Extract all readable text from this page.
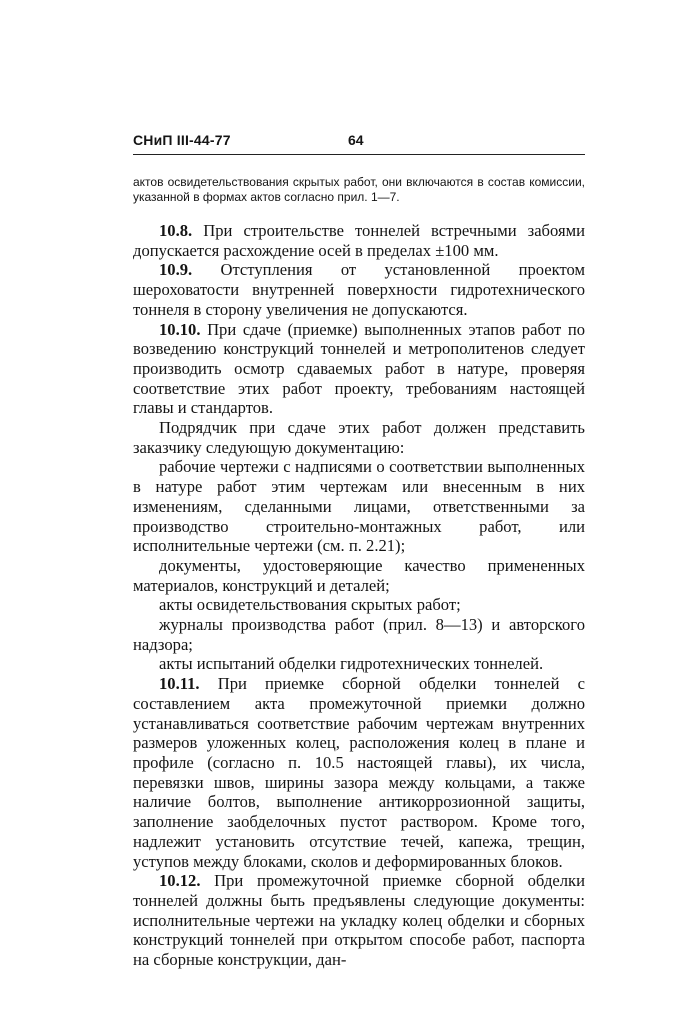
СНиП III-44-77	64
актов освидетельствования скрытых работ, они включаются в состав комиссии, указанной в формах актов согласно прил. 1—7.

10.8. При строительстве тоннелей встречными забоями допускается расхождение осей в пределах ±100 мм.

10.9. Отступления от установленной проектом шероховатости внутренней поверхности гидротехнического тоннеля в сторону увеличения не допускаются.

10.10. При сдаче (приемке) выполненных этапов работ по возведению конструкций тоннелей и метрополитенов следует производить осмотр сдаваемых работ в натуре, проверяя соответствие этих работ проекту, требованиям настоящей главы и стандартов.

Подрядчик при сдаче этих работ должен представить заказчику следующую документацию:

рабочие чертежи с надписями о соответствии выполненных в натуре работ этим чертежам или внесенным в них изменениям, сделанными лицами, ответственными за производство строительно-монтажных работ, или исполнительные чертежи (см. п. 2.21);

документы, удостоверяющие качество примененных материалов, конструкций и деталей;

акты освидетельствования скрытых работ;

журналы производства работ (прил. 8—13) и авторского надзора;

акты испытаний обделки гидротехнических тоннелей.

10.11. При приемке сборной обделки тоннелей с составлением акта промежуточной приемки должно устанавливаться соответствие рабочим чертежам внутренних размеров уложенных колец, расположения колец в плане и профиле (согласно п. 10.5 настоящей главы), их числа, перевязки швов, ширины зазора между кольцами, а также наличие болтов, выполнение антикоррозионной защиты, заполнение заобделочных пустот раствором. Кроме того, надлежит установить отсутствие течей, капежа, трещин, уступов между блоками, сколов и деформированных блоков.

10.12. При промежуточной приемке сборной обделки тоннелей должны быть предъявлены следующие документы: исполнительные чертежи на укладку колец обделки и сборных конструкций тоннелей при открытом способе работ, паспорта на сборные конструкции, дан-
